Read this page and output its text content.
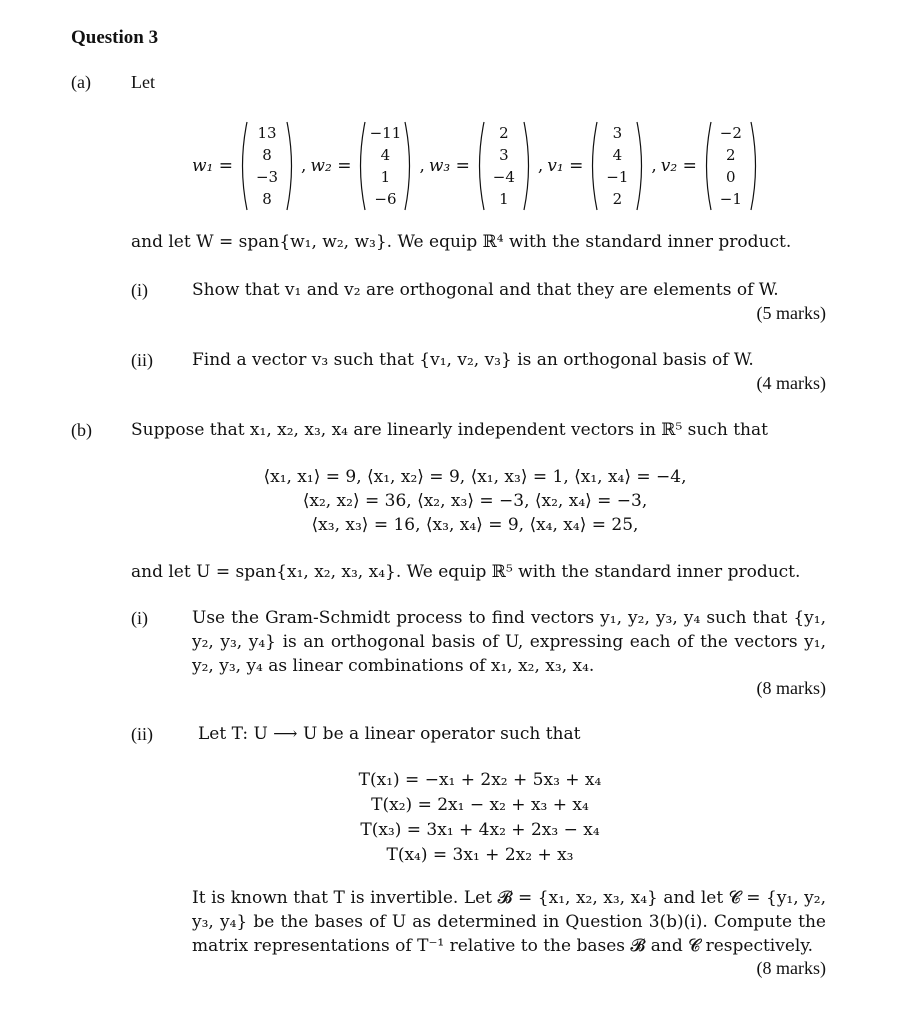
Question 3
(a) Let
w₁ =
13
8
−3
8
, w₂ =
−11
4
1
−6
, w₃ =
2
3
−4
1
, v₁ =
3
4
−1
2
, v₂ =
−2
2
0
−1
and let W = span{w₁, w₂, w₃}. We equip ℝ⁴ with the standard inner product.
(i)	Show that v₁ and v₂ are orthogonal and that they are elements of W.
(5 marks)
(ii) Find a vector v₃ such that {v₁, v₂, v₃} is an orthogonal basis of W.
(4 marks)
(b) Suppose that x₁, x₂, x₃, x₄ are linearly independent vectors in ℝ⁵ such that
⟨x₁, x₁⟩ = 9, ⟨x₁, x₂⟩ = 9, ⟨x₁, x₃⟩ = 1, ⟨x₁, x₄⟩ = −4,
⟨x₂, x₂⟩ = 36, ⟨x₂, x₃⟩ = −3, ⟨x₂, x₄⟩ = −3,
⟨x₃, x₃⟩ = 16, ⟨x₃, x₄⟩ = 9, ⟨x₄, x₄⟩ = 25,
and let U = span{x₁, x₂, x₃, x₄}. We equip ℝ⁵ with the standard inner product.
(i)	Use the Gram-Schmidt process to find vectors y₁, y₂, y₃, y₄ such that {y₁, y₂, y₃, y₄} is an orthogonal basis of U, expressing each of the vectors y₁, y₂, y₃, y₄ as linear combinations of x₁, x₂, x₃, x₄.
(8 marks)
(ii)	Let T: U ⟶ U be a linear operator such that
T(x₁) = −x₁ + 2x₂ + 5x₃ + x₄
T(x₂) = 2x₁ − x₂ + x₃ + x₄
T(x₃) = 3x₁ + 4x₂ + 2x₃ − x₄
T(x₄) = 3x₁ + 2x₂ + x₃
It is known that T is invertible. Let 𝓑 = {x₁, x₂, x₃, x₄} and let 𝓒 = {y₁, y₂, y₃, y₄} be the bases of U as determined in Question 3(b)(i). Compute the matrix representations of T⁻¹ relative to the bases 𝓑 and 𝓒 respectively.
(8 marks)
